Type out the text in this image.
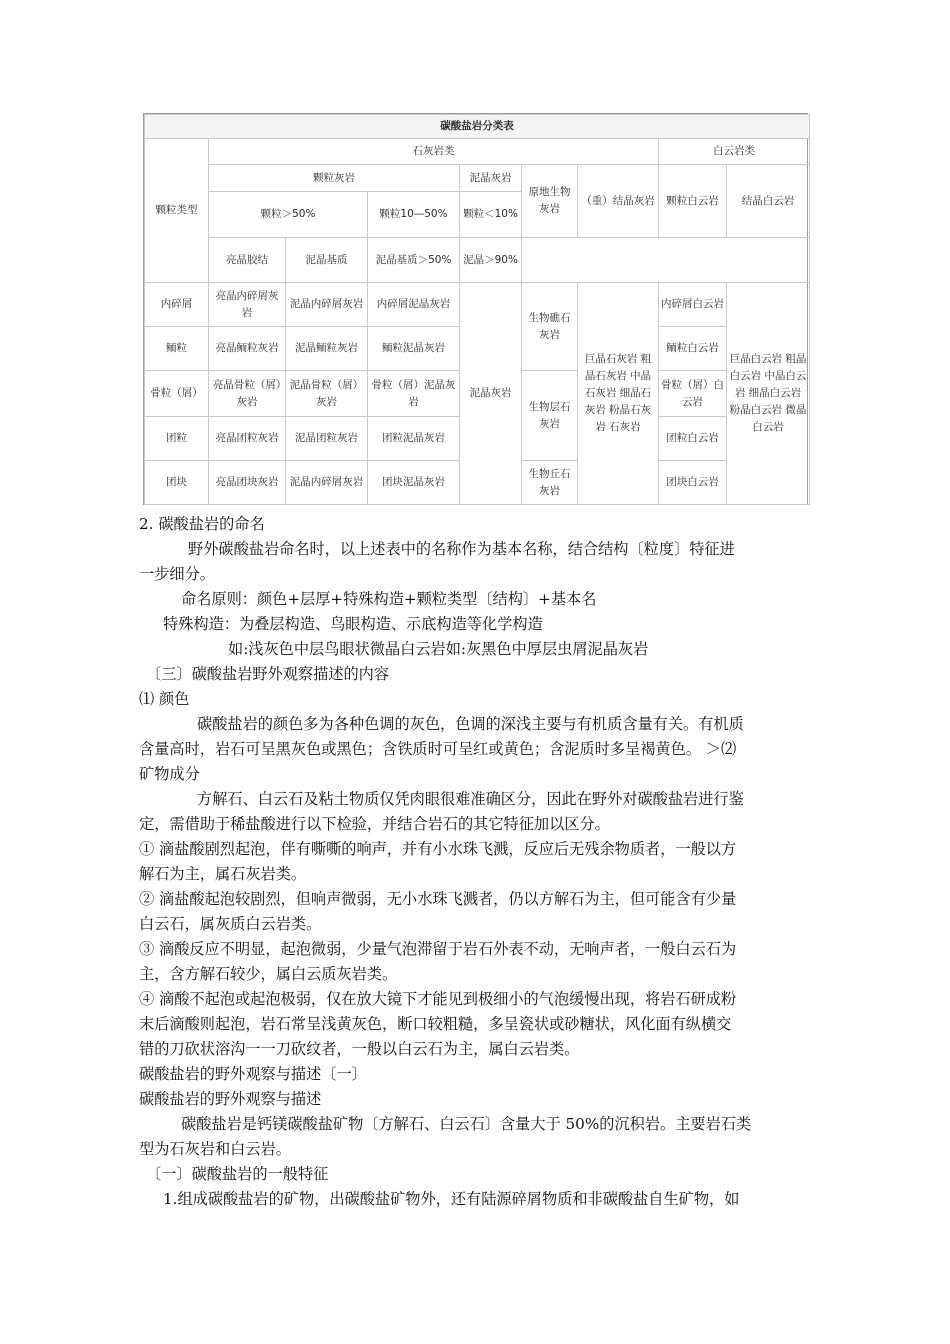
碳酸盐岩分类表								
颗粒类型	石灰岩类						白云岩类	
	颗粒灰岩			泥晶灰岩	原地生物灰岩	（重）结晶灰岩	颗粒白云岩	结晶白云岩
	颗粒＞50%		颗粒10—50%	颗粒＜10%				
	亮晶胶结	泥晶基质	泥晶基质＞50%	泥晶＞90%				
内碎屑	亮晶内碎屑灰岩	泥晶内碎屑灰岩	内碎屑泥晶灰岩	泥晶灰岩	生物礁石灰岩	巨晶石灰岩 粗晶石灰岩 中晶石灰岩 细晶石灰岩 粉晶石灰岩 石灰岩	内碎屑白云岩	巨晶白云岩 粗晶白云岩 中晶白云岩 细晶白云岩 粉晶白云岩 微晶白云岩
鲕粒	亮晶鲕粒灰岩	泥晶鲕粒灰岩	鲕粒泥晶灰岩				鲕粒白云岩	
骨粒（屑）	亮晶骨粒（屑）灰岩	泥晶骨粒（屑）灰岩	骨粒（屑）泥晶灰岩		生物层石灰岩		骨粒（屑）白云岩	
团粒	亮晶团粒灰岩	泥晶团粒灰岩	团粒泥晶灰岩				团粒白云岩	
团块	亮晶团块灰岩	泥晶内碎屑灰岩	团块泥晶灰岩		生物丘石灰岩		团块白云岩	
2. 碳酸盐岩的命名
野外碳酸盐岩命名时，以上述表中的名称作为基本名称，结合结构〔粒度〕特征进
一步细分。
命名原则：颜色+层厚+特殊构造+颗粒类型〔结构〕+基本名
特殊构造：为叠层构造、鸟眼构造、示底构造等化学构造
如:浅灰色中层鸟眼状微晶白云岩如:灰黑色中厚层虫屑泥晶灰岩
〔三〕碳酸盐岩野外观察描述的内容
⑴ 颜色
碳酸盐岩的颜色多为各种色调的灰色，色调的深浅主要与有机质含量有关。有机质
含量高时，岩石可呈黑灰色或黑色；含铁质时可呈红或黄色；含泥质时多呈褐黄色。 ＞⑵
矿物成分
方解石、白云石及粘土物质仅凭肉眼很难准确区分，因此在野外对碳酸盐岩进行鉴
定，需借助于稀盐酸进行以下检验，并结合岩石的其它特征加以区分。
① 滴盐酸剧烈起泡，伴有嘶嘶的响声，并有小水珠飞溅，反应后无残余物质者，一般以方
解石为主，属石灰岩类。
② 滴盐酸起泡较剧烈，但响声微弱，无小水珠飞溅者，仍以方解石为主，但可能含有少量
白云石，属灰质白云岩类。
③ 滴酸反应不明显，起泡微弱，少量气泡滞留于岩石外表不动，无响声者，一般白云石为
主，含方解石较少，属白云质灰岩类。
④ 滴酸不起泡或起泡极弱，仅在放大镜下才能见到极细小的气泡缓慢出现，将岩石研成粉
末后滴酸则起泡，岩石常呈浅黄灰色，断口较粗糙，多呈瓷状或砂糖状，风化面有纵横交
错的刀砍状溶沟一一刀砍纹者，一般以白云石为主，属白云岩类。
碳酸盐岩的野外观察与描述〔一〕
碳酸盐岩的野外观察与描述
碳酸盐岩是钙镁碳酸盐矿物〔方解石、白云石〕含量大于 50%的沉积岩。主要岩石类
型为石灰岩和白云岩。
〔一〕碳酸盐岩的一般特征
1.组成碳酸盐岩的矿物，出碳酸盐矿物外，还有陆源碎屑物质和非碳酸盐自生矿物，如
